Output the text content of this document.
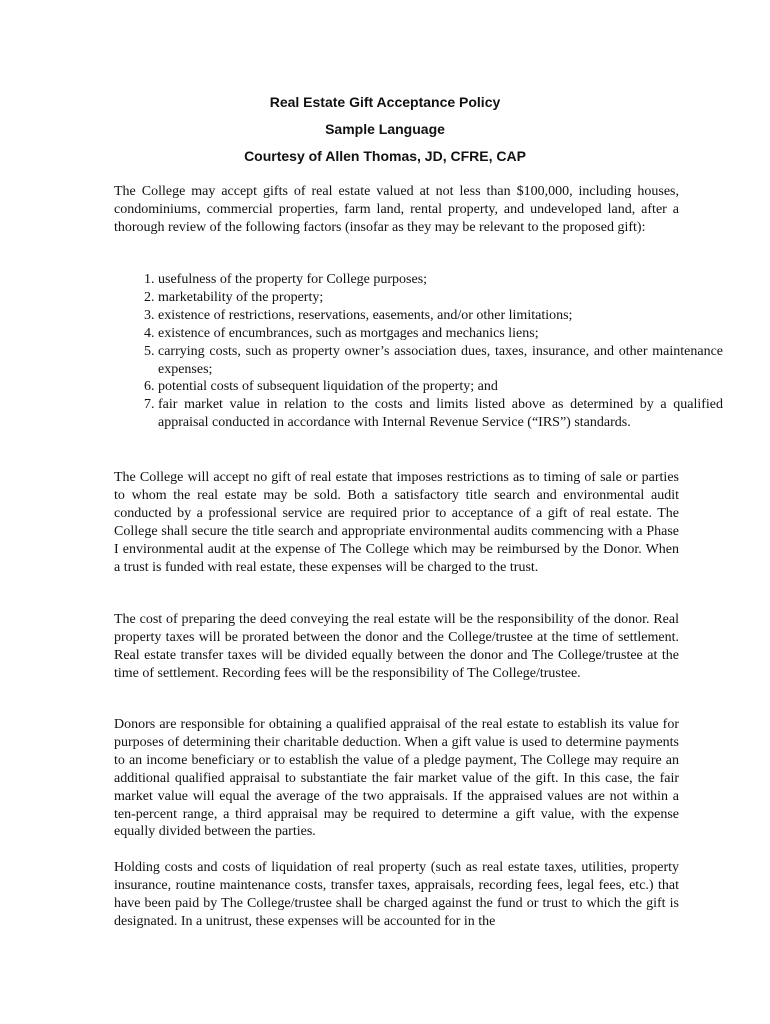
Real Estate Gift Acceptance Policy
Sample Language
Courtesy of Allen Thomas, JD, CFRE, CAP

The College may accept gifts of real estate valued at not less than $100,000, including houses, condominiums, commercial properties, farm land, rental property, and undeveloped land, after a thorough review of the following factors (insofar as they may be relevant to the proposed gift):

1. usefulness of the property for College purposes;
2. marketability of the property;
3. existence of restrictions, reservations, easements, and/or other limitations;
4. existence of encumbrances, such as mortgages and mechanics liens;
5. carrying costs, such as property owner’s association dues, taxes, insurance, and other maintenance expenses;
6. potential costs of subsequent liquidation of the property; and
7. fair market value in relation to the costs and limits listed above as determined by a qualified appraisal conducted in accordance with Internal Revenue Service (“IRS”) standards.

The College will accept no gift of real estate that imposes restrictions as to timing of sale or parties to whom the real estate may be sold. Both a satisfactory title search and environmental audit conducted by a professional service are required prior to acceptance of a gift of real estate. The College shall secure the title search and appropriate environmental audits commencing with a Phase I environmental audit at the expense of The College which may be reimbursed by the Donor. When a trust is funded with real estate, these expenses will be charged to the trust.

The cost of preparing the deed conveying the real estate will be the responsibility of the donor. Real property taxes will be prorated between the donor and the College/trustee at the time of settlement. Real estate transfer taxes will be divided equally between the donor and The College/trustee at the time of settlement. Recording fees will be the responsibility of The College/trustee.

Donors are responsible for obtaining a qualified appraisal of the real estate to establish its value for purposes of determining their charitable deduction. When a gift value is used to determine payments to an income beneficiary or to establish the value of a pledge payment, The College may require an additional qualified appraisal to substantiate the fair market value of the gift. In this case, the fair market value will equal the average of the two appraisals. If the appraised values are not within a ten-percent range, a third appraisal may be required to determine a gift value, with the expense equally divided between the parties.

Holding costs and costs of liquidation of real property (such as real estate taxes, utilities, property insurance, routine maintenance costs, transfer taxes, appraisals, recording fees, legal fees, etc.) that have been paid by The College/trustee shall be charged against the fund or trust to which the gift is designated. In a unitrust, these expenses will be accounted for in the
